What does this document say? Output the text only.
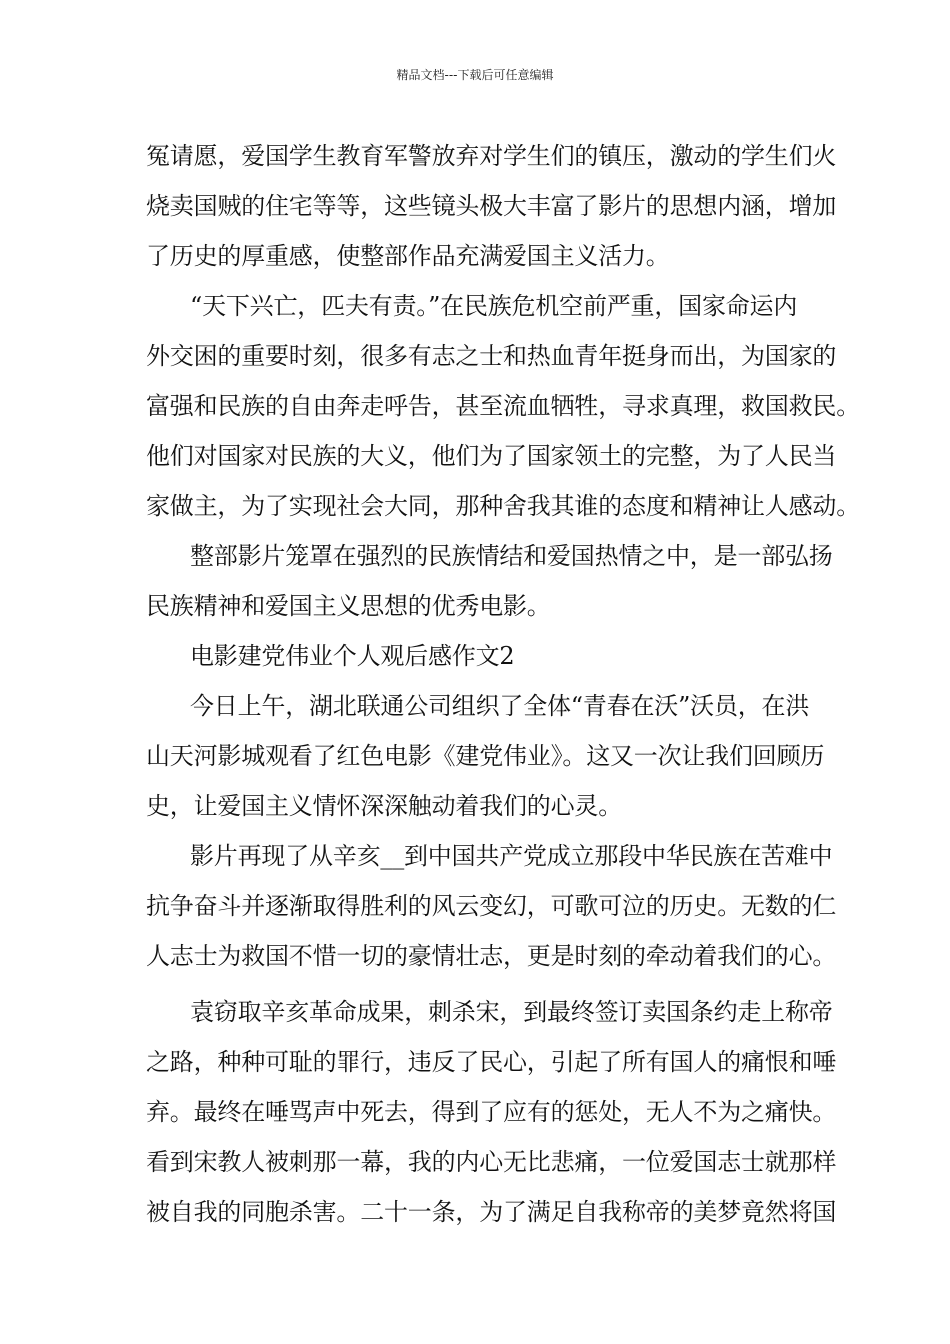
精品文档---下载后可任意编辑
冤请愿，爱国学生教育军警放弃对学生们的镇压，激动的学生们火
烧卖国贼的住宅等等，这些镜头极大丰富了影片的思想内涵，增加
了历史的厚重感，使整部作品充满爱国主义活力。
“天下兴亡，匹夫有责。”在民族危机空前严重，国家命运内
外交困的重要时刻，很多有志之士和热血青年挺身而出，为国家的
富强和民族的自由奔走呼告，甚至流血牺牲，寻求真理，救国救民。
他们对国家对民族的大义，他们为了国家领土的完整，为了人民当
家做主，为了实现社会大同，那种舍我其谁的态度和精神让人感动。
整部影片笼罩在强烈的民族情结和爱国热情之中，是一部弘扬
民族精神和爱国主义思想的优秀电影。
电影建党伟业个人观后感作文2
今日上午，湖北联通公司组织了全体“青春在沃”沃员，在洪
山天河影城观看了红色电影《建党伟业》。这又一次让我们回顾历
史，让爱国主义情怀深深触动着我们的心灵。
影片再现了从辛亥__到中国共产党成立那段中华民族在苦难中
抗争奋斗并逐渐取得胜利的风云变幻，可歌可泣的历史。无数的仁
人志士为救国不惜一切的豪情壮志，更是时刻的牵动着我们的心。
袁窃取辛亥革命成果，刺杀宋，到最终签订卖国条约走上称帝
之路，种种可耻的罪行，违反了民心，引起了所有国人的痛恨和唾
弃。最终在唾骂声中死去，得到了应有的惩处，无人不为之痛快。
看到宋教人被刺那一幕，我的内心无比悲痛，一位爱国志士就那样
被自我的同胞杀害。二十一条，为了满足自我称帝的美梦竟然将国
